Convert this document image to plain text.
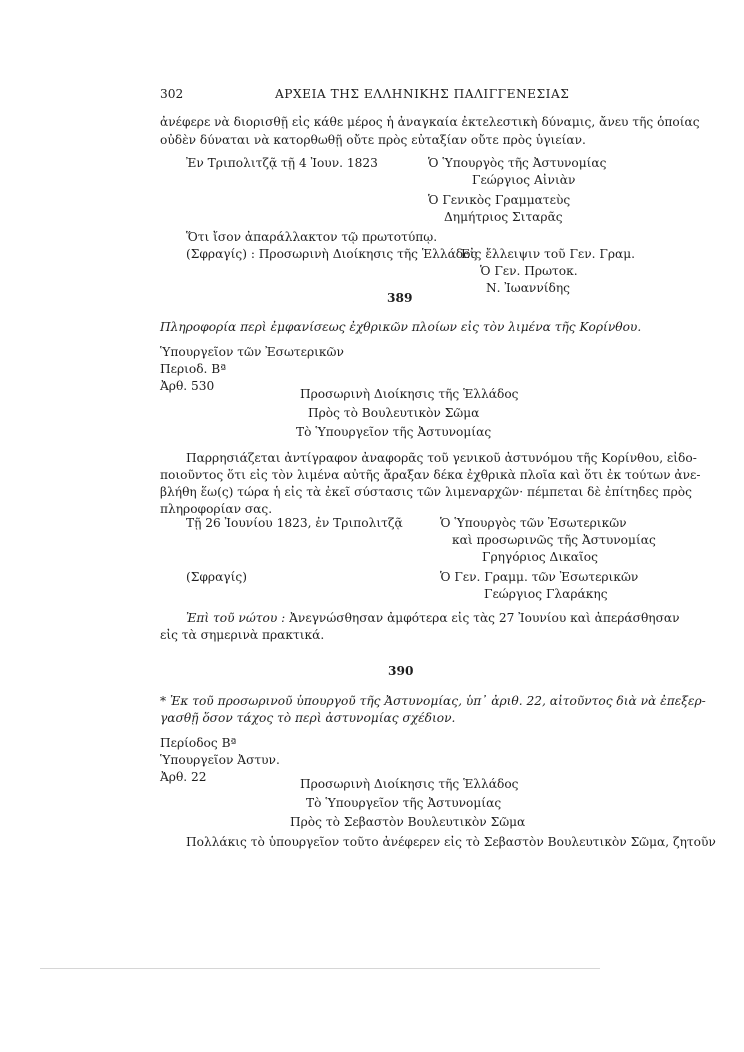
302	ΑΡΧΕΙΑ ΤΗΣ ΕΛΛΗΝΙΚΗΣ ΠΑΛΙΓΓΕΝΕΣΙΑΣ
ἀνέφερε νὰ διορισθῇ εἰς κάθε μέρος ἡ ἀναγκαία ἐκτελεστικὴ δύναμις, ἄνευ τῆς ὁποίας
οὐδὲν δύναται νὰ κατορθωθῇ οὔτε πρὸς εὐταξίαν οὔτε πρὸς ὑγιείαν.
Ἐν Τριπολιτζᾷ τῇ 4 Ἰουν. 1823	Ὁ Ὑπουργὸς τῆς Ἀστυνομίας
Γεώργιος Αἰνιὰν
Ὁ Γενικὸς Γραμματεὺς
Δημήτριος Σιταρᾶς
Ὅτι ἴσον ἀπαράλλακτον τῷ πρωτοτύπῳ.
(Σφραγίς) : Προσωρινὴ Διοίκησις τῆς Ἑλλάδος
Εἰς ἔλλειψιν τοῦ Γεν. Γραμ.
Ὁ Γεν. Πρωτοκ.
Ν. Ἰωαννίδης
389
Πληροφορία περὶ ἐμφανίσεως ἐχθρικῶν πλοίων εἰς τὸν λιμένα τῆς Κορίνθου.
Ὑπουργεῖον τῶν Ἐσωτερικῶν
Περιοδ. Βª
Ἀρθ. 530
Προσωρινὴ Διοίκησις τῆς Ἑλλάδος
Πρὸς τὸ Βουλευτικὸν Σῶμα
Τὸ Ὑπουργεῖον τῆς Ἀστυνομίας
Παρρησιάζεται ἀντίγραφον ἀναφορᾶς τοῦ γενικοῦ ἀστυνόμου τῆς Κορίνθου, εἰδο-
ποιοῦντος ὅτι εἰς τὸν λιμένα αὐτῆς ἄραξαν δέκα ἐχθρικὰ πλοῖα καὶ ὅτι ἐκ τούτων ἀνε-
βλήθη ἕω(ς) τώρα ἡ εἰς τὰ ἐκεῖ σύστασις τῶν λιμεναρχῶν· πέμπεται δὲ ἐπίτηδες πρὸς
πληροφορίαν σας.
Τῇ 26 Ἰουνίου 1823, ἐν Τριπολιτζᾷ	Ὁ Ὑπουργὸς τῶν Ἐσωτερικῶν
καὶ προσωρινῶς τῆς Ἀστυνομίας
Γρηγόριος Δικαῖος
(Σφραγίς)	Ὁ Γεν. Γραμμ. τῶν Ἐσωτερικῶν
Γεώργιος Γλαράκης
Ἐπὶ τοῦ νώτου : Ἀνεγνώσθησαν ἀμφότερα εἰς τὰς 27 Ἰουνίου καὶ ἀπεράσθησαν
εἰς τὰ σημερινὰ πρακτικά.
390
* Ἐκ τοῦ προσωρινοῦ ὑπουργοῦ τῆς Ἀστυνομίας, ὑπ᾽ ἀριθ. 22, αἰτοῦντος διὰ νὰ ἐπεξερ-
γασθῇ ὅσον τάχος τὸ περὶ ἀστυνομίας σχέδιον.
Περίοδος Βª
Ὑπουργεῖον Ἀστυν.
Ἀρθ. 22	Προσωρινὴ Διοίκησις τῆς Ἑλλάδος
Τὸ Ὑπουργεῖον τῆς Ἀστυνομίας
Πρὸς τὸ Σεβαστὸν Βουλευτικὸν Σῶμα
Πολλάκις τὸ ὑπουργεῖον τοῦτο ἀνέφερεν εἰς τὸ Σεβαστὸν Βουλευτικὸν Σῶμα, ζητοῦν
